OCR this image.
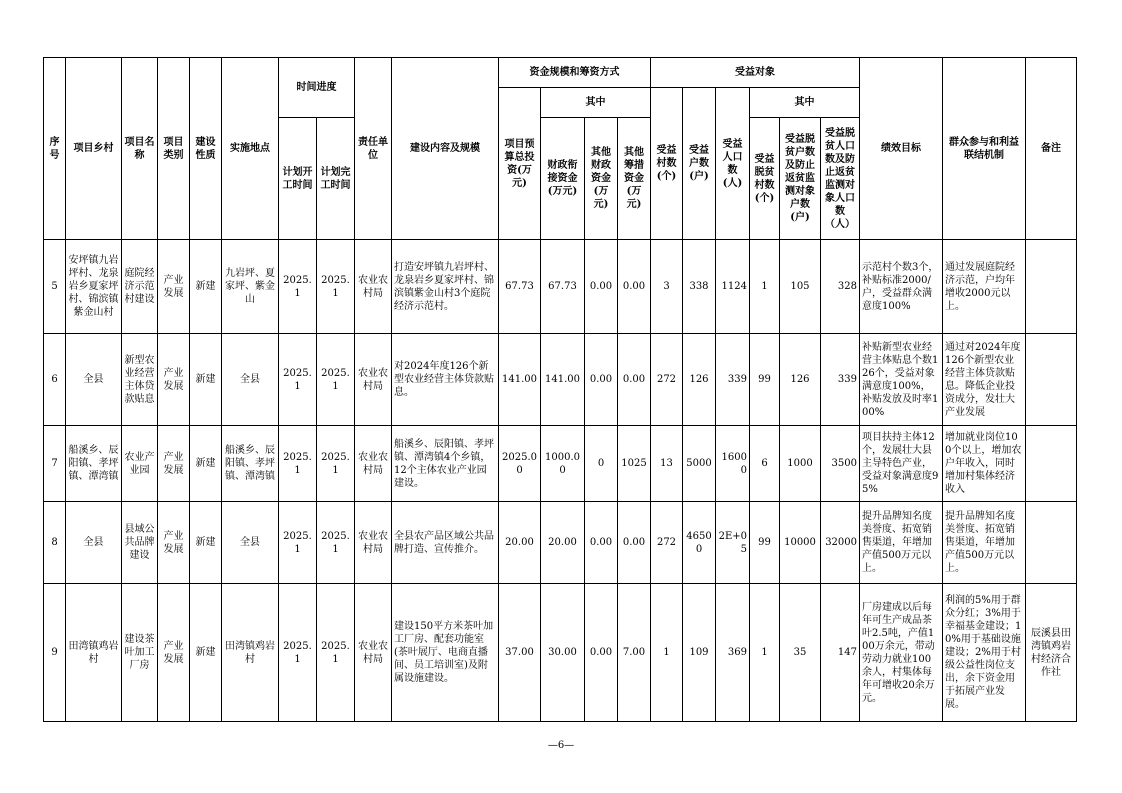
序号	项目乡村	项目名称	项目类别	建设性质	实施地点	时间进度		责任单位	建设内容及规模	资金规模和筹资方式				受益对象						绩效目标	群众参与和利益联结机制	备注
										项目预算总投资(万元)	其中			受益村数(个)	受益户数(户)	受益人口数(人)	其中					
						计划开工时间	计划完工时间				财政衔接资金(万元)	其他财政资金(万元)	其他筹措资金(万元)				受益脱贫村数(个)	受益脱贫户数及防止返贫监测对象户数(户)	受益脱贫人口数及防止返贫监测对象人口数（人）			

5	安坪镇九岩坪村、龙泉岩乡夏家坪村、锦滨镇紫金山村	庭院经济示范村建设	产业发展	新建	九岩坪、夏家坪、紫金山	2025.1	2025.1	农业农村局	打造安坪镇九岩坪村、龙泉岩乡夏家坪村、锦滨镇紫金山村3个庭院经济示范村。	67.73	67.73	0.00	0.00	3	338	1124	1	105	328	示范村个数3个，补贴标准2000/户，受益群众满意度100%	通过发展庭院经济示范，户均年增收2000元以上。	
6	全县	新型农业经营主体贷款贴息	产业发展	新建	全县	2025.1	2025.1	农业农村局	对2024年度126个新型农业经营主体贷款贴息。	141.00	141.00	0.00	0.00	272	126	339	99	126	339	补贴新型农业经营主体贴息个数126个，受益对象满意度100%，补贴发放及时率100%	通过对2024年度126个新型农业经营主体贷款贴息。降低企业投资成分，发壮大产业发展	
7	船溪乡、辰阳镇、孝坪镇、潭湾镇	农业产业园	产业发展	新建	船溪乡、辰阳镇、孝坪镇、潭湾镇	2025.1	2025.1	农业农村局	船溪乡、辰阳镇、孝坪镇、潭湾镇4个乡镇，12个主体农业产业园建设。	2025.00	1000.00	0	1025	13	5000	16000	6	1000	3500	项目扶持主体12个，发展壮大县主导特色产业，受益对象满意度95%	增加就业岗位100个以上，增加农户年收入，同时增加村集体经济收入	
8	全县	县域公共品牌建设	产业发展	新建	全县	2025.1	2025.1	农业农村局	全县农产品区域公共品牌打造、宣传推介。	20.00	20.00	0.00	0.00	272	46500	2E+05	99	10000	32000	提升品牌知名度美誉度、拓宽销售渠道，年增加产值500万元以上。	提升品牌知名度美誉度、拓宽销售渠道，年增加产值500万元以上。	
9	田湾镇鸡岩村	建设茶叶加工厂房	产业发展	新建	田湾镇鸡岩村	2025.1	2025.1	农业农村局	建设150平方米茶叶加工厂房、配套功能室(茶叶展厅、电商直播间、员工培训室)及附属设施建设。	37.00	30.00	0.00	7.00	1	109	369	1	35	147	厂房建成以后每年可生产成品茶叶2.5吨，产值100万余元，带动劳动力就业100余人，村集体每年可增收20余万元。	利润的5%用于群众分红；3%用于幸福基金建设；10%用于基础设施建设；2%用于村级公益性岗位支出，余下资金用于拓展产业发展。	辰溪县田湾镇鸡岩村经济合作社
—6—
